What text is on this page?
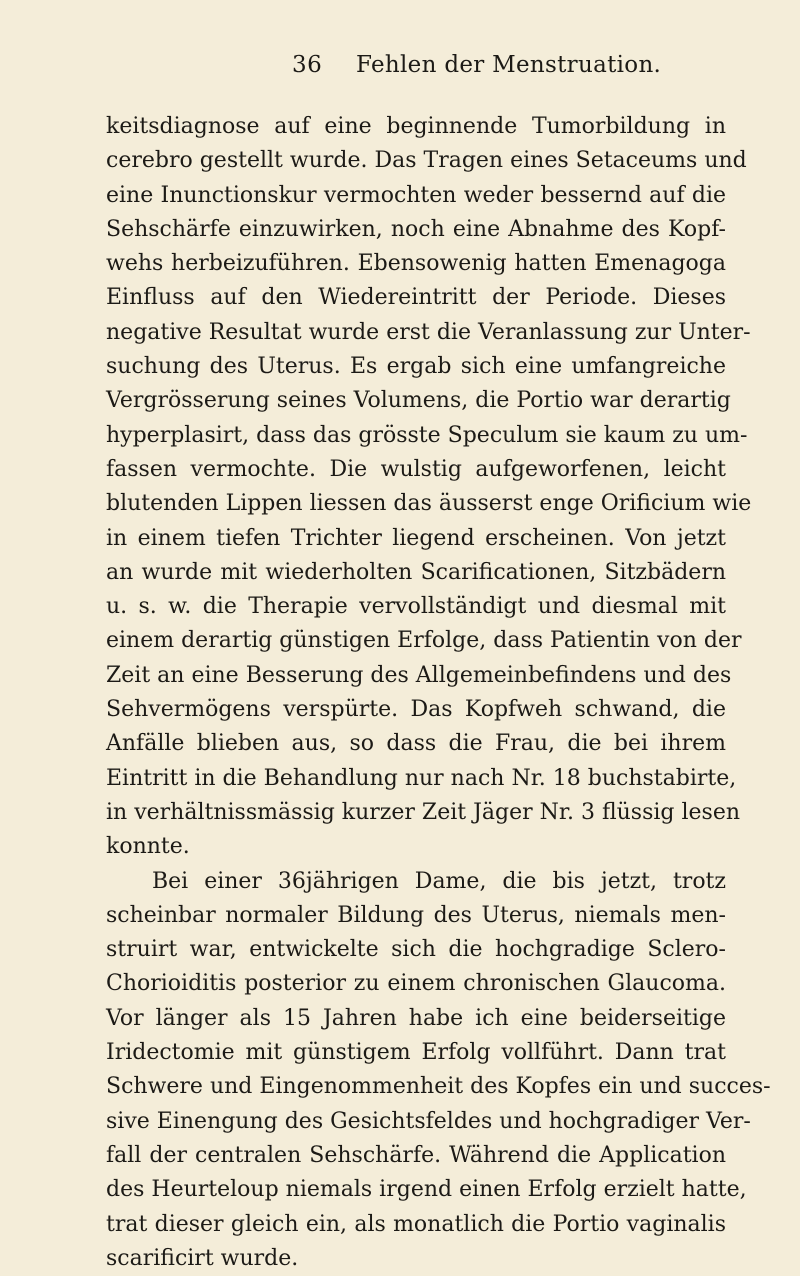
36 Fehlen der Menstruation.
keitsdiagnose auf eine beginnende Tumorbildung in
cerebro gestellt wurde. Das Tragen eines Setaceums und
eine Inunctionskur vermochten weder bessernd auf die
Sehschärfe einzuwirken, noch eine Abnahme des Kopf-
wehs herbeizuführen. Ebensowenig hatten Emenagoga
Einfluss auf den Wiedereintritt der Periode. Dieses
negative Resultat wurde erst die Veranlassung zur Unter-
suchung des Uterus. Es ergab sich eine umfangreiche
Vergrösserung seines Volumens, die Portio war derartig
hyperplasirt, dass das grösste Speculum sie kaum zu um-
fassen vermochte. Die wulstig aufgeworfenen, leicht
blutenden Lippen liessen das äusserst enge Orificium wie
in einem tiefen Trichter liegend erscheinen. Von jetzt
an wurde mit wiederholten Scarificationen, Sitzbädern
u. s. w. die Therapie vervollständigt und diesmal mit
einem derartig günstigen Erfolge, dass Patientin von der
Zeit an eine Besserung des Allgemeinbefindens und des
Sehvermögens verspürte. Das Kopfweh schwand, die
Anfälle blieben aus, so dass die Frau, die bei ihrem
Eintritt in die Behandlung nur nach Nr. 18 buchstabirte,
in verhältnissmässig kurzer Zeit Jäger Nr. 3 flüssig lesen
konnte.
Bei einer 36jährigen Dame, die bis jetzt, trotz
scheinbar normaler Bildung des Uterus, niemals men-
struirt war, entwickelte sich die hochgradige Sclero-
Chorioiditis posterior zu einem chronischen Glaucoma.
Vor länger als 15 Jahren habe ich eine beiderseitige
Iridectomie mit günstigem Erfolg vollführt. Dann trat
Schwere und Eingenommenheit des Kopfes ein und succes-
sive Einengung des Gesichtsfeldes und hochgradiger Ver-
fall der centralen Sehschärfe. Während die Application
des Heurteloup niemals irgend einen Erfolg erzielt hatte,
trat dieser gleich ein, als monatlich die Portio vaginalis
scarificirt wurde.
